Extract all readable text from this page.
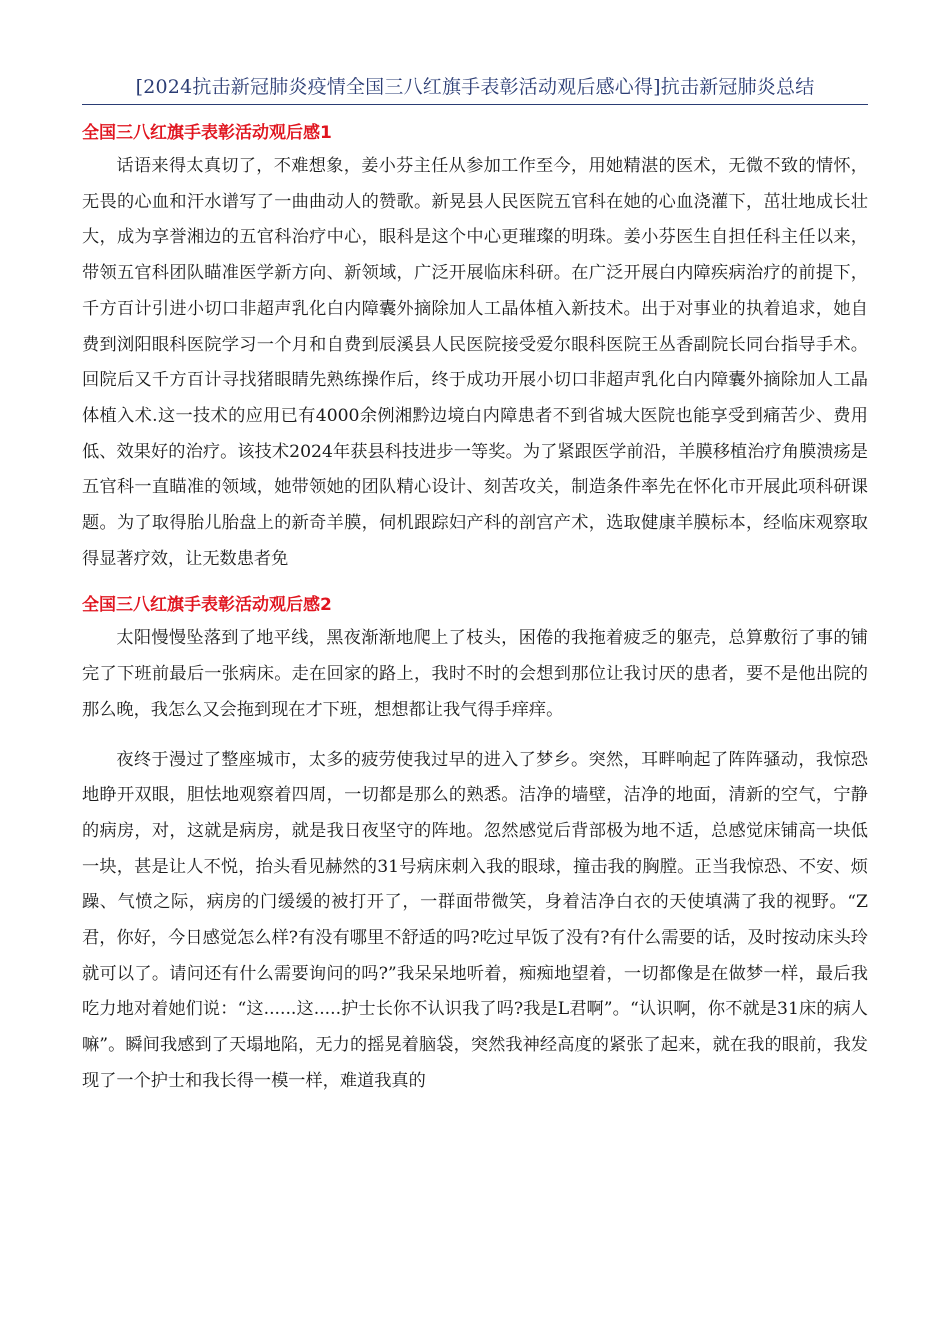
[2024抗击新冠肺炎疫情全国三八红旗手表彰活动观后感心得]抗击新冠肺炎总结
全国三八红旗手表彰活动观后感1

话语来得太真切了，不难想象，姜小芬主任从参加工作至今，用她精湛的医术，无微不致的情怀，无畏的心血和汗水谱写了一曲曲动人的赞歌。新晃县人民医院五官科在她的心血浇灌下，茁壮地成长壮大，成为享誉湘边的五官科治疗中心，眼科是这个中心更璀璨的明珠。姜小芬医生自担任科主任以来，带领五官科团队瞄准医学新方向、新领域，广泛开展临床科研。在广泛开展白内障疾病治疗的前提下，千方百计引进小切口非超声乳化白内障囊外摘除加人工晶体植入新技术。出于对事业的执着追求，她自费到浏阳眼科医院学习一个月和自费到辰溪县人民医院接受爱尔眼科医院王丛香副院长同台指导手术。回院后又千方百计寻找猪眼睛先熟练操作后，终于成功开展小切口非超声乳化白内障囊外摘除加人工晶体植入术.这一技术的应用已有4000余例湘黔边境白内障患者不到省城大医院也能享受到痛苦少、费用低、效果好的治疗。该技术2024年获县科技进步一等奖。为了紧跟医学前沿，羊膜移植治疗角膜溃疡是五官科一直瞄准的领域，她带领她的团队精心设计、刻苦攻关，制造条件率先在怀化市开展此项科研课题。为了取得胎儿胎盘上的新奇羊膜，伺机跟踪妇产科的剖宫产术，选取健康羊膜标本，经临床观察取得显著疗效，让无数患者免

全国三八红旗手表彰活动观后感2

太阳慢慢坠落到了地平线，黑夜渐渐地爬上了枝头，困倦的我拖着疲乏的躯壳，总算敷衍了事的铺完了下班前最后一张病床。走在回家的路上，我时不时的会想到那位让我讨厌的患者，要不是他出院的那么晚，我怎么又会拖到现在才下班，想想都让我气得手痒痒。

夜终于漫过了整座城市，太多的疲劳使我过早的进入了梦乡。突然，耳畔响起了阵阵骚动，我惊恐地睁开双眼，胆怯地观察着四周，一切都是那么的熟悉。洁净的墙壁，洁净的地面，清新的空气，宁静的病房，对，这就是病房，就是我日夜坚守的阵地。忽然感觉后背部极为地不适，总感觉床铺高一块低一块，甚是让人不悦，抬头看见赫然的31号病床刺入我的眼球，撞击我的胸膛。正当我惊恐、不安、烦躁、气愤之际，病房的门缓缓的被打开了，一群面带微笑，身着洁净白衣的天使填满了我的视野。“Z君，你好，今日感觉怎么样?有没有哪里不舒适的吗?吃过早饭了没有?有什么需要的话，及时按动床头玲就可以了。请问还有什么需要询问的吗?”我呆呆地听着，痴痴地望着，一切都像是在做梦一样，最后我吃力地对着她们说：“这......这.....护士长你不认识我了吗?我是L君啊”。“认识啊，你不就是31床的病人嘛”。瞬间我感到了天塌地陷，无力的摇晃着脑袋，突然我神经高度的紧张了起来，就在我的眼前，我发现了一个护士和我长得一模一样，难道我真的
